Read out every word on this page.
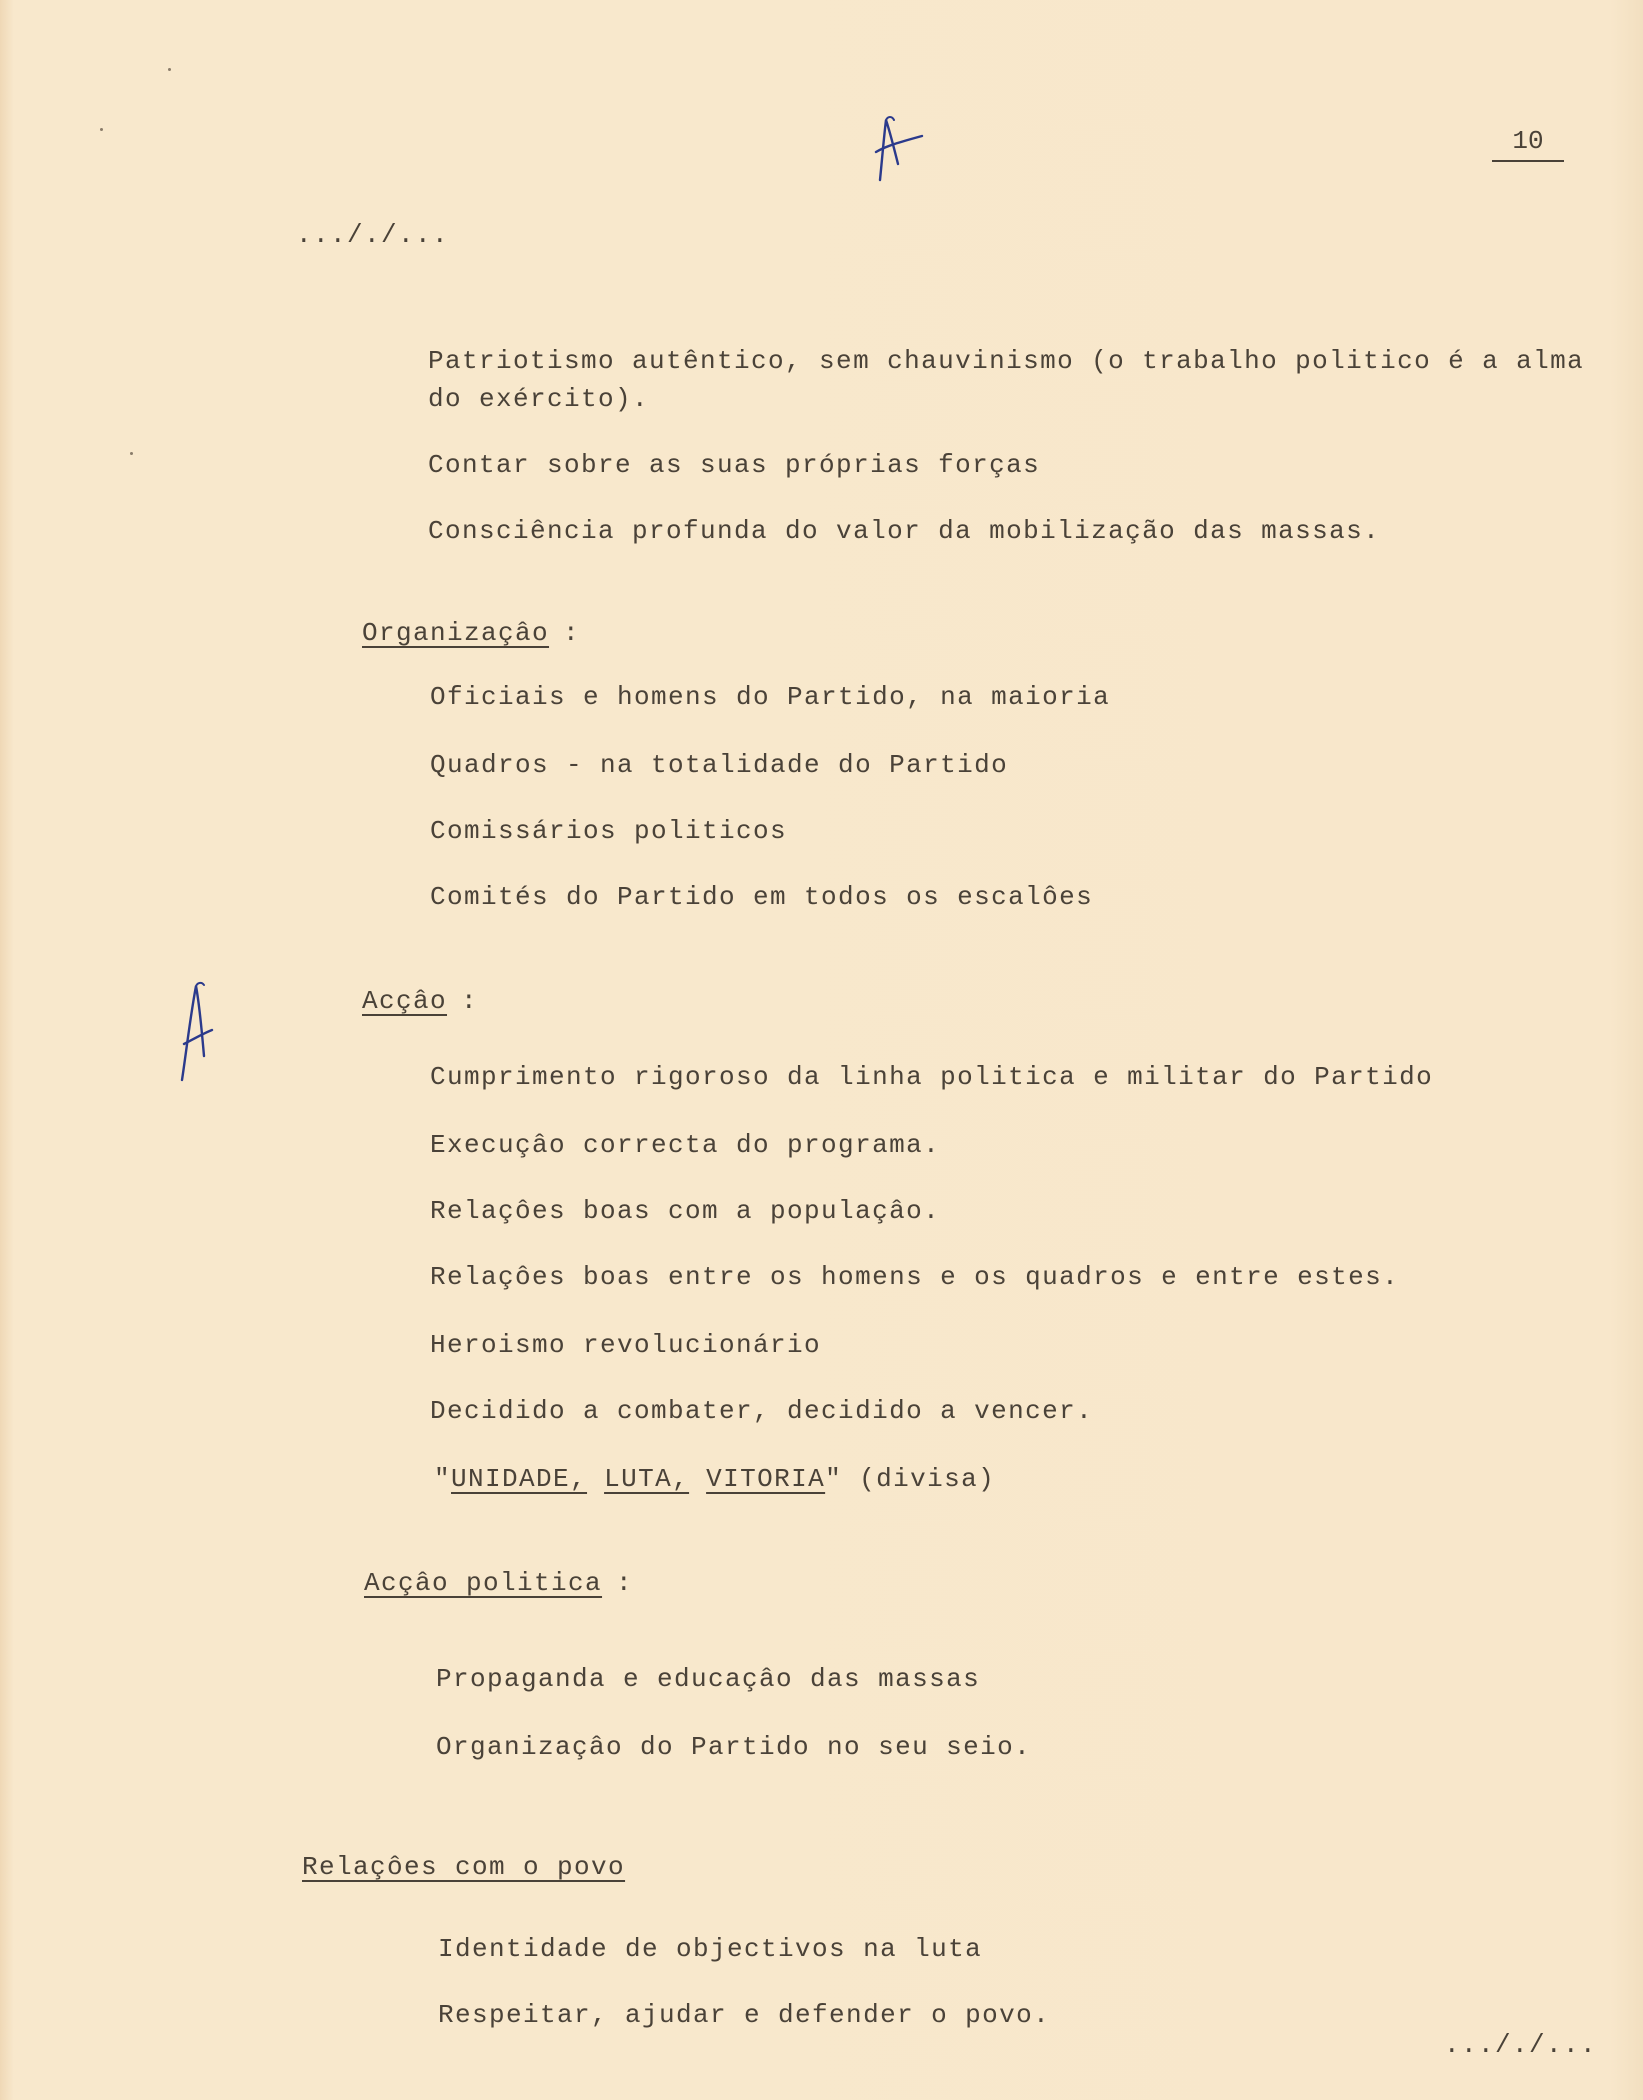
10
..././...
Patriotismo autêntico, sem chauvinismo (o trabalho politico é a alma
do exército).
Contar sobre as suas próprias forças
Consciência profunda do valor da mobilização das massas.
Organizaçâo :
Oficiais e homens do Partido, na maioria
Quadros - na totalidade do Partido
Comissários politicos
Comités do Partido em todos os escalôes
Acçâo :
Cumprimento rigoroso da linha politica e militar do Partido
Execuçâo correcta do programa.
Relaçôes boas com a populaçâo.
Relaçôes boas entre os homens e os quadros e entre estes.
Heroismo revolucionário
Decidido a combater, decidido a vencer.
"UNIDADE, LUTA, VITORIA" (divisa)
Acçâo politica :
Propaganda e educaçâo das massas
Organizaçâo do Partido no seu seio.
Relaçôes com o povo
Identidade de objectivos na luta
Respeitar, ajudar e defender o povo.
..././...
